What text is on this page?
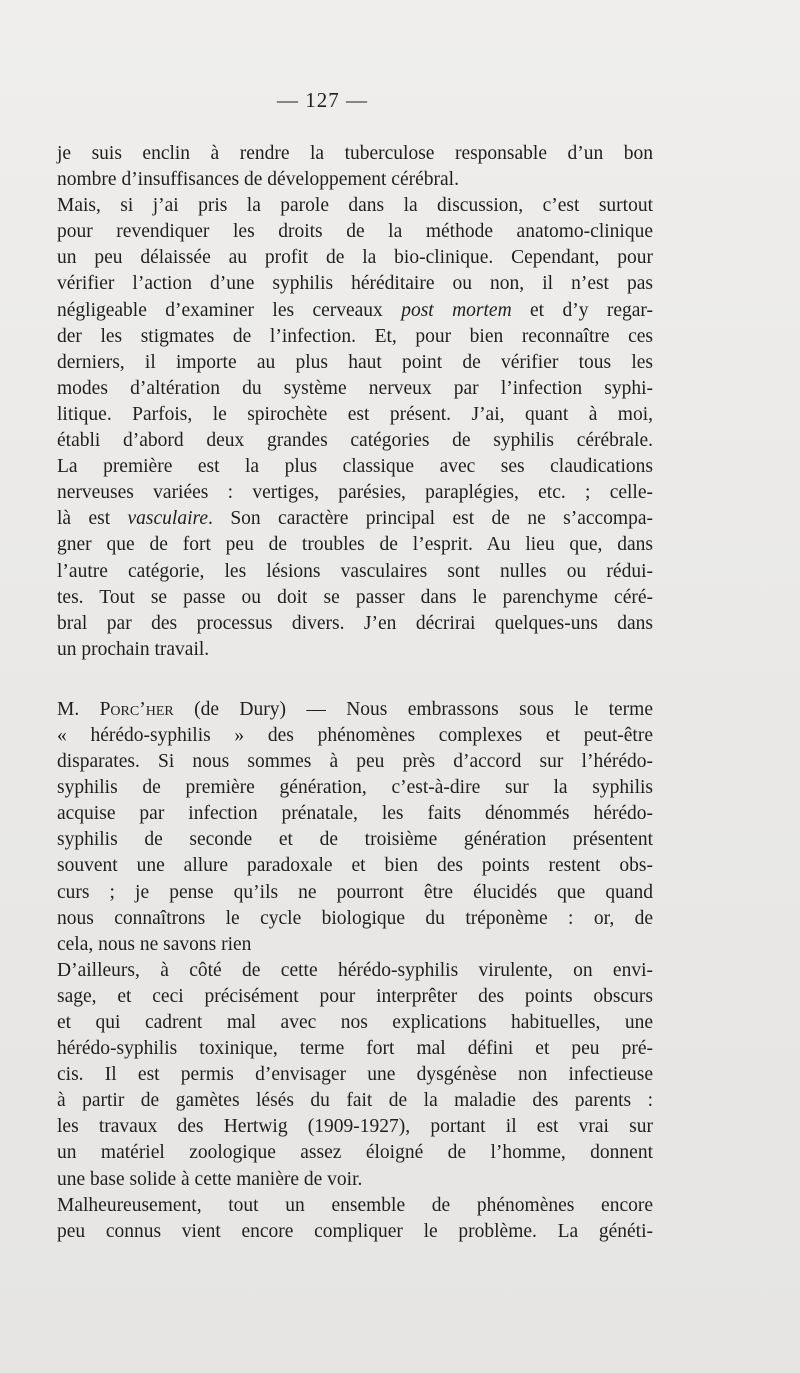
— 127 —
je suis enclin à rendre la tuberculose responsable d’un bon
nombre d’insuffisances de développement cérébral.
Mais, si j’ai pris la parole dans la discussion, c’est surtout
pour revendiquer les droits de la méthode anatomo-clinique
un peu délaissée au profit de la bio-clinique. Cependant, pour
vérifier l’action d’une syphilis héréditaire ou non, il n’est pas
négligeable d’examiner les cerveaux post mortem et d’y regar-
der les stigmates de l’infection. Et, pour bien reconnaître ces
derniers, il importe au plus haut point de vérifier tous les
modes d’altération du système nerveux par l’infection syphi-
litique. Parfois, le spirochète est présent. J’ai, quant à moi,
établi d’abord deux grandes catégories de syphilis cérébrale.
La première est la plus classique avec ses claudications
nerveuses variées : vertiges, parésies, paraplégies, etc. ; celle-
là est vasculaire. Son caractère principal est de ne s’accompa-
gner que de fort peu de troubles de l’esprit. Au lieu que, dans
l’autre catégorie, les lésions vasculaires sont nulles ou rédui-
tes. Tout se passe ou doit se passer dans le parenchyme céré-
bral par des processus divers. J’en décrirai quelques-uns dans
un prochain travail.
M. Porc’her (de Dury) — Nous embrassons sous le terme
« hérédo-syphilis » des phénomènes complexes et peut-être
disparates. Si nous sommes à peu près d’accord sur l’hérédo-
syphilis de première génération, c’est-à-dire sur la syphilis
acquise par infection prénatale, les faits dénommés hérédo-
syphilis de seconde et de troisième génération présentent
souvent une allure paradoxale et bien des points restent obs-
curs ; je pense qu’ils ne pourront être élucidés que quand
nous connaîtrons le cycle biologique du tréponème : or, de
cela, nous ne savons rien
D’ailleurs, à côté de cette hérédo-syphilis virulente, on envi-
sage, et ceci précisément pour interprêter des points obscurs
et qui cadrent mal avec nos explications habituelles, une
hérédo-syphilis toxinique, terme fort mal défini et peu pré-
cis. Il est permis d’envisager une dysgénèse non infectieuse
à partir de gamètes lésés du fait de la maladie des parents :
les travaux des Hertwig (1909-1927), portant il est vrai sur
un matériel zoologique assez éloigné de l’homme, donnent
une base solide à cette manière de voir.
Malheureusement, tout un ensemble de phénomènes encore
peu connus vient encore compliquer le problème. La généti-
